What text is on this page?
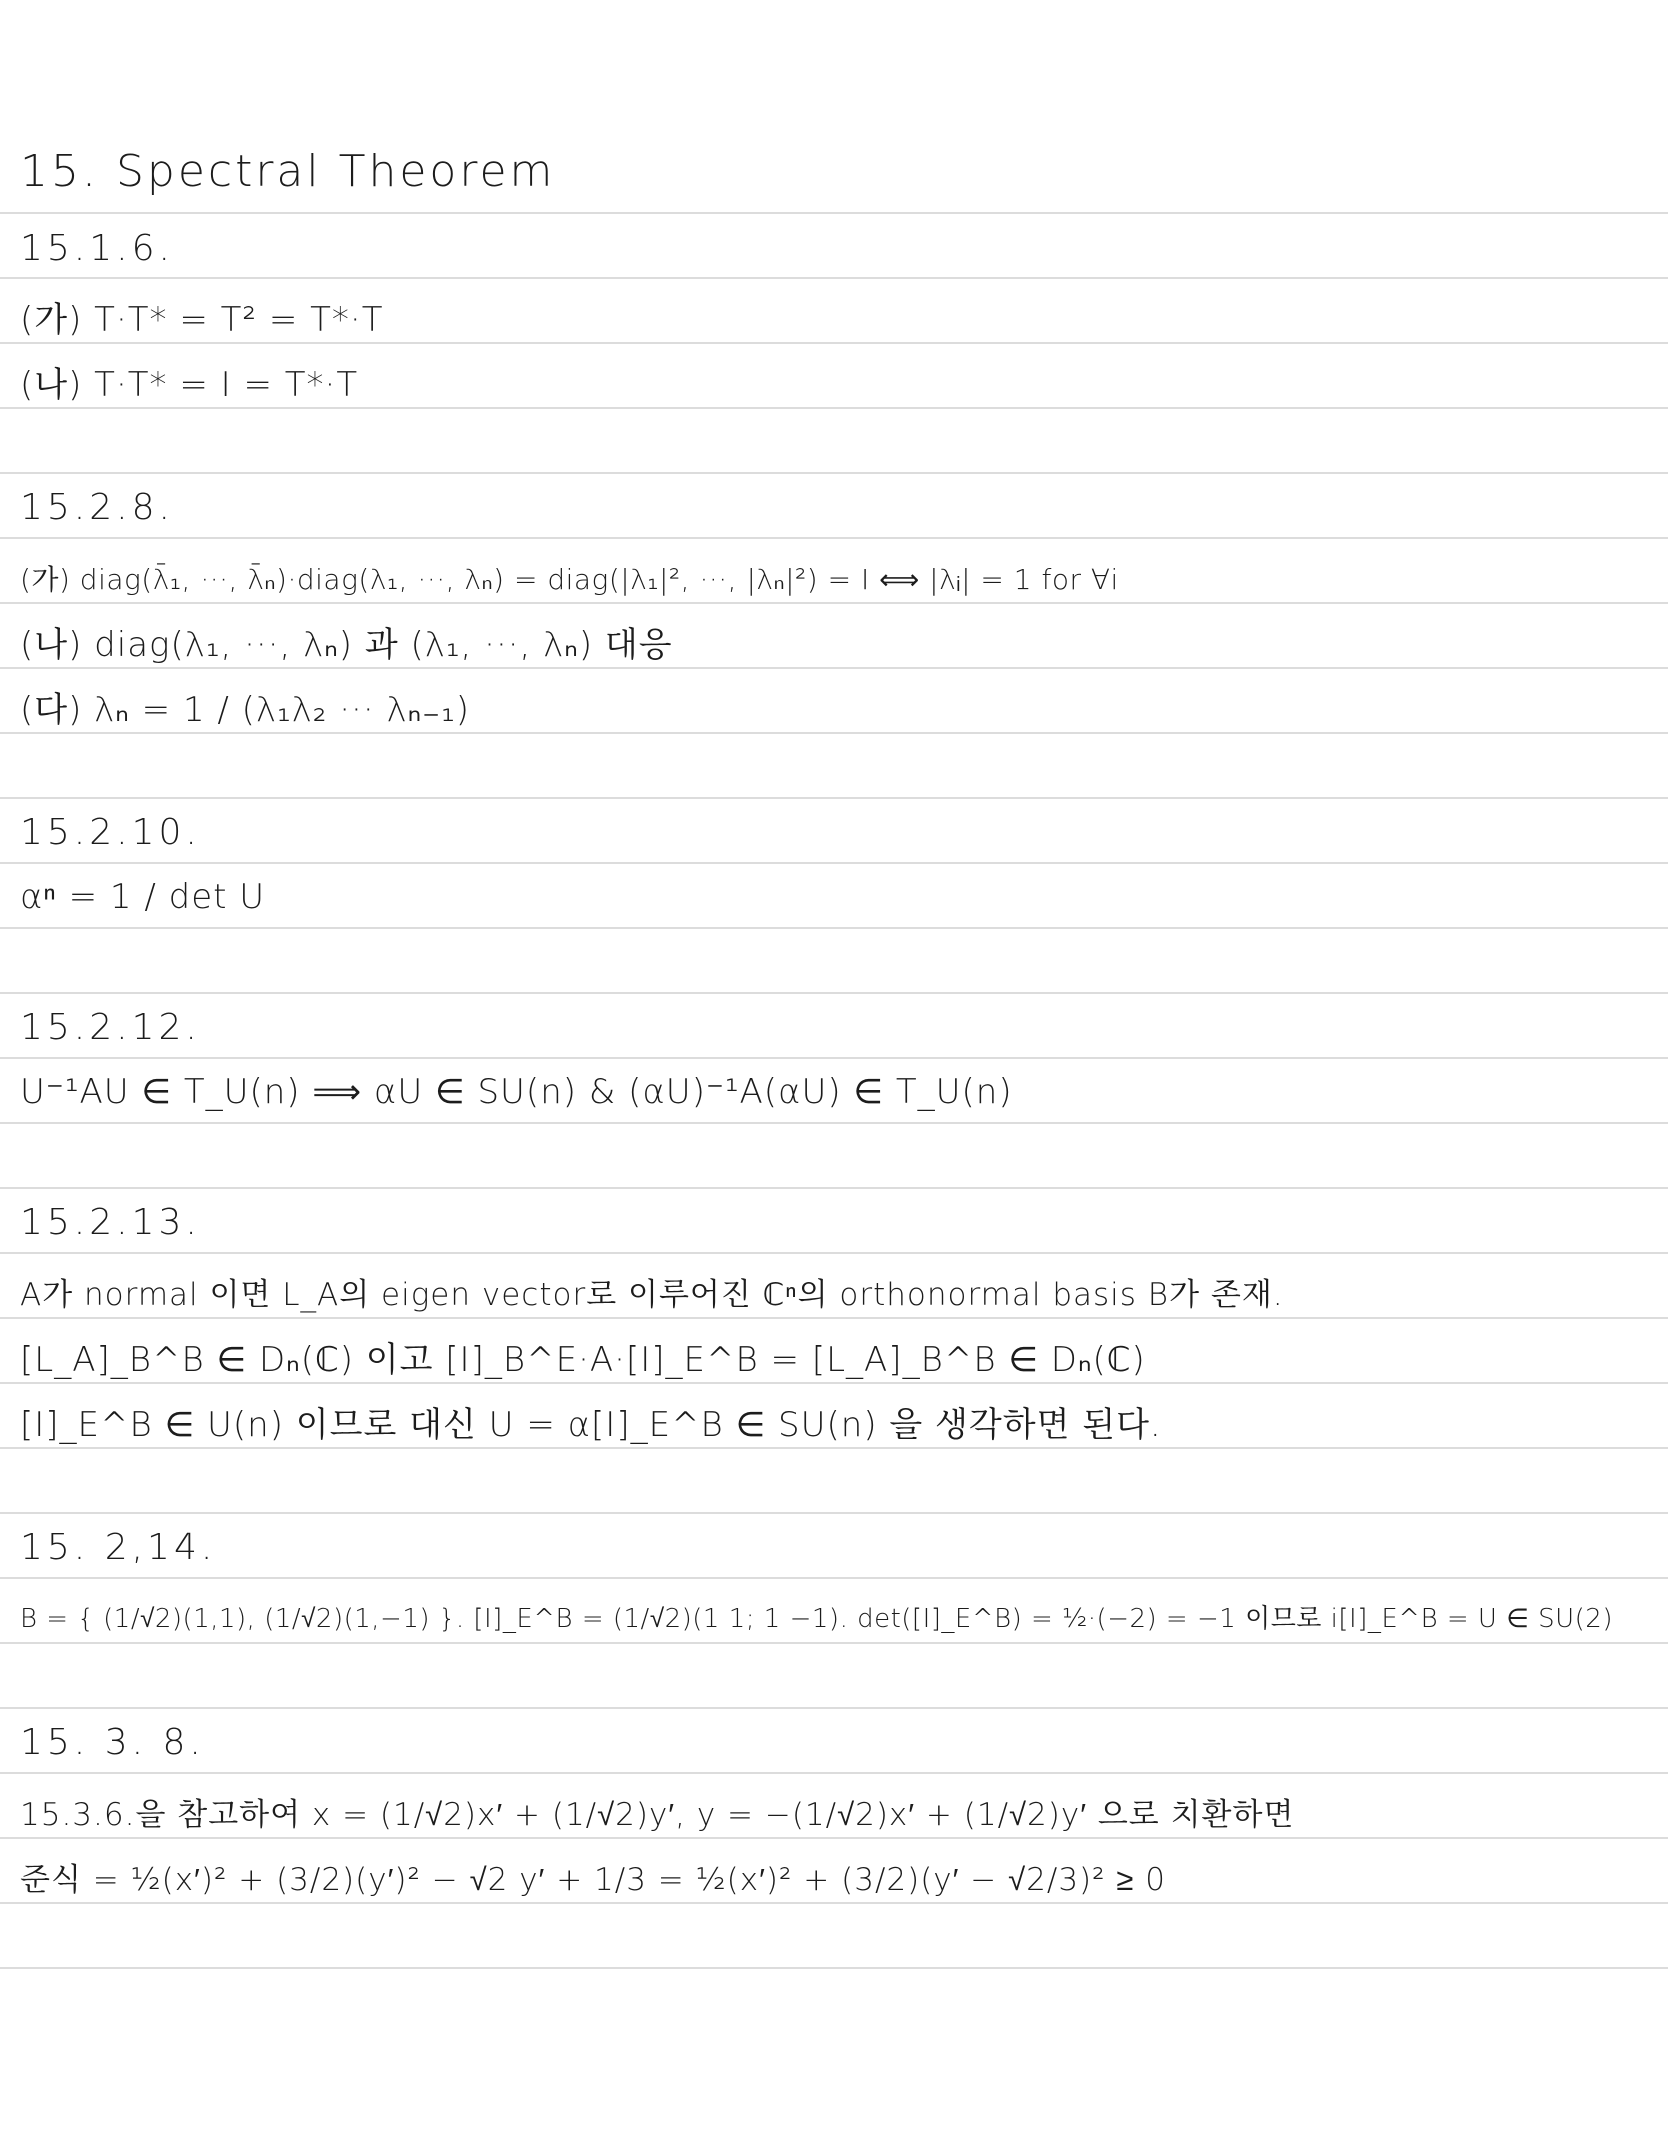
15. Spectral Theorem
15.1.6.
(가) T·T* = T² = T*·T
(나) T·T* = I = T*·T
15.2.8.
(가) diag(λ̄₁, ···, λ̄ₙ)·diag(λ₁, ···, λₙ) = diag(|λ₁|², ···, |λₙ|²) = I ⟺ |λᵢ| = 1 for ∀i
(나) diag(λ₁, ···, λₙ) 과 (λ₁, ···, λₙ) 대응
(다) λₙ = 1 / (λ₁λ₂ ··· λₙ₋₁)
15.2.10.
αⁿ = 1 / det U
15.2.12.
U⁻¹AU ∈ T_U(n) ⟹ αU ∈ SU(n) & (αU)⁻¹A(αU) ∈ T_U(n)
15.2.13.
A가 normal 이면 L_A의 eigen vector로 이루어진 ℂⁿ의 orthonormal basis B가 존재.
[L_A]_B^B ∈ Dₙ(ℂ) 이고 [I]_B^E·A·[I]_E^B = [L_A]_B^B ∈ Dₙ(ℂ)
[I]_E^B ∈ U(n) 이므로 대신 U = α[I]_E^B ∈ SU(n) 을 생각하면 된다.
15. 2,14.
B = { (1/√2)(1,1), (1/√2)(1,−1) }. [I]_E^B = (1/√2)(1 1; 1 −1). det([I]_E^B) = ½·(−2) = −1 이므로 i[I]_E^B = U ∈ SU(2)
15. 3. 8.
15.3.6.을 참고하여 x = (1/√2)x′ + (1/√2)y′, y = −(1/√2)x′ + (1/√2)y′ 으로 치환하면
준식 = ½(x′)² + (3/2)(y′)² − √2 y′ + 1/3 = ½(x′)² + (3/2)(y′ − √2/3)² ≥ 0
